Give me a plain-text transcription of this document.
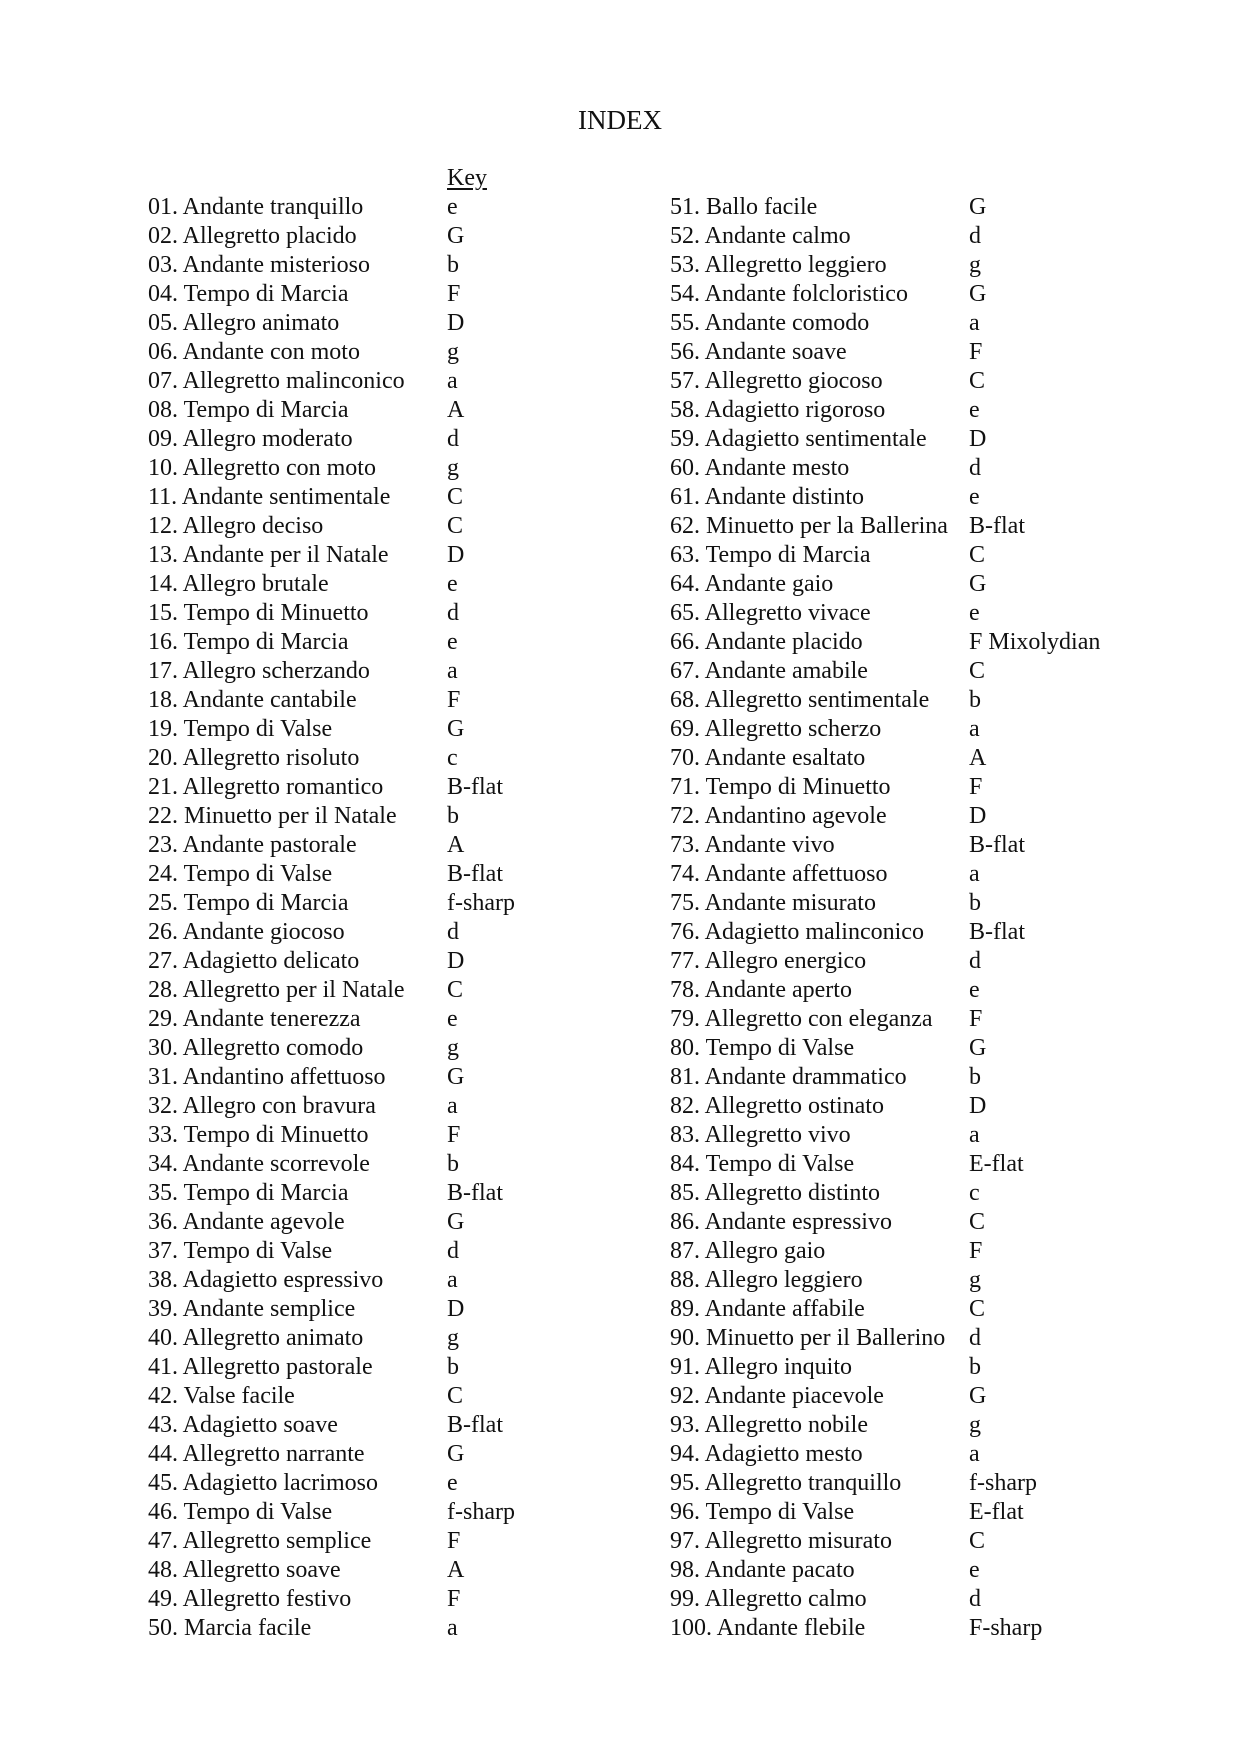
INDEX
Key
01. Andante tranquillo	e
02. Allegretto placido	G
03. Andante misterioso	b
04. Tempo di Marcia	F
05. Allegro animato	D
06. Andante con moto	g
07. Allegretto malinconico	a
08. Tempo di Marcia	A
09. Allegro moderato	d
10. Allegretto con moto	g
11. Andante sentimentale	C
12. Allegro deciso	C
13. Andante per il Natale	D
14. Allegro brutale	e
15. Tempo di Minuetto	d
16. Tempo di Marcia	e
17. Allegro scherzando	a
18. Andante cantabile	F
19. Tempo di Valse	G
20. Allegretto risoluto	c
21. Allegretto romantico	B-flat
22. Minuetto per il Natale	b
23. Andante pastorale	A
24. Tempo di Valse	B-flat
25. Tempo di Marcia	f-sharp
26. Andante giocoso	d
27. Adagietto delicato	D
28. Allegretto per il Natale	C
29. Andante tenerezza	e
30. Allegretto comodo	g
31. Andantino affettuoso	G
32. Allegro con bravura	a
33. Tempo di Minuetto	F
34. Andante scorrevole	b
35. Tempo di Marcia	B-flat
36. Andante agevole	G
37. Tempo di Valse	d
38. Adagietto espressivo	a
39. Andante semplice	D
40. Allegretto animato	g
41. Allegretto pastorale	b
42. Valse facile	C
43. Adagietto soave	B-flat
44. Allegretto narrante	G
45. Adagietto lacrimoso	e
46. Tempo di Valse	f-sharp
47. Allegretto semplice	F
48. Allegretto soave	A
49. Allegretto festivo	F
50. Marcia facile	a
51. Ballo facile	G
52. Andante calmo	d
53. Allegretto leggiero	g
54. Andante folcloristico	G
55. Andante comodo	a
56. Andante soave	F
57. Allegretto giocoso	C
58. Adagietto rigoroso	e
59. Adagietto sentimentale	D
60. Andante mesto	d
61. Andante distinto	e
62. Minuetto per la Ballerina B-flat
63. Tempo di Marcia	C
64. Andante gaio	G
65. Allegretto vivace	e
66. Andante placido	F Mixolydian
67. Andante amabile	C
68. Allegretto sentimentale	b
69. Allegretto scherzo	a
70. Andante esaltato	A
71. Tempo di Minuetto	F
72. Andantino agevole	D
73. Andante vivo	B-flat
74. Andante affettuoso	a
75. Andante misurato	b
76. Adagietto malinconico	B-flat
77. Allegro energico	d
78. Andante aperto	e
79. Allegretto con eleganza	F
80. Tempo di Valse	G
81. Andante drammatico	b
82. Allegretto ostinato	D
83. Allegretto vivo	a
84. Tempo di Valse	E-flat
85. Allegretto distinto	c
86. Andante espressivo	C
87. Allegro gaio	F
88. Allegro leggiero	g
89. Andante affabile	C
90. Minuetto per il Ballerino d
91. Allegro inquito	b
92. Andante piacevole	G
93. Allegretto nobile	g
94. Adagietto mesto	a
95. Allegretto tranquillo	f-sharp
96. Tempo di Valse	E-flat
97. Allegretto misurato	C
98. Andante pacato	e
99. Allegretto calmo	d
100. Andante flebile	F-sharp
